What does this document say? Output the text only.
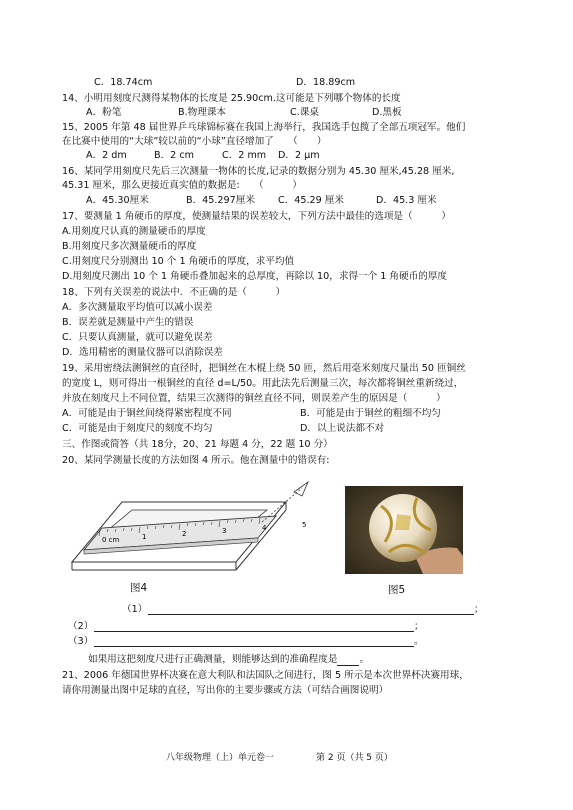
C．18.74cm	D．18.89cm
14、小明用刻度尺测得某物体的长度是 25.90cm.这可能是下列哪个物体的长度
A．粉笔	B.物理课本	C.课桌	D.黑板
15、2005 年第 48 届世界乒乓球锦标赛在我国上海举行，我国选手包揽了全部五项冠军。他们
在比赛中使用的“大球”较以前的“小球”直径增加了　　（　　）
A．2 dm	B．2 cm	C．2 mm D．2 μm
16、某同学用刻度尺先后三次测量一物体的长度,记录的数据分别为 45.30 厘米,45.28 厘米,
45.31 厘米，那么更接近真实值的数据是:　　（　　　）
A．45.30厘米	B．45.297厘米 C．45.29 厘米	D．45.3 厘米
17、要测量 1 角硬币的厚度，使测量结果的误差较大，下列方法中最佳的选项是（　　　）
A.用刻度尺认真的测量硬币的厚度
B.用刻度尺多次测量硬币的厚度
C.用刻度尺分别测出 10 个 1 角硬币的厚度，求平均值
D.用刻度尺测出 10 个 1 角硬币叠加起来的总厚度，再除以 10，求得一个 1 角硬币的厚度
18、下列有关误差的说法中．不正确的是（　　　）
A．多次测量取平均值可以减小误差
B．误差就是测量中产生的错误
C．只要认真测量，就可以避免误差
D．选用精密的测量仪器可以消除误差
19、采用密绕法测铜丝的直径时，把铜丝在木棍上绕 50 匝，然后用毫米刻度尺量出 50 匝铜丝
的宽度 L，则可得出一根铜丝的直径 d=L/50。用此法先后测量三次，每次都将铜丝重新绕过，
并放在刻度尺上不同位置，结果三次测得的铜丝直径不同，则误差产生的原因是（　　　）
A．可能是由于铜丝间绕得紧密程度不同	B．可能是由于铜丝的粗细不均匀
C．可能是由于刻度尺的刻度不均匀	D．以上说法都不对
三、作图或简答（共 18分，20、21 每题 4 分，22 题 10 分）
20、某同学测量长度的方法如图 4 所示。他在测量中的错误有:
0 cm	1	2	3	4	5
图4	图5
（1）	；
（2）	；
（3）	。
如果用这把刻度尺进行正确测量，则能够达到的准确程度是 。
21、2006 年德国世界杯决赛在意大利队和法国队之间进行，图 5 所示是本次世界杯决赛用球，
请你用测量出图中足球的直径，写出你的主要步骤或方法（可结合画图说明）
八年级物理（上）单元卷一	第 2 页（共 5 页）
